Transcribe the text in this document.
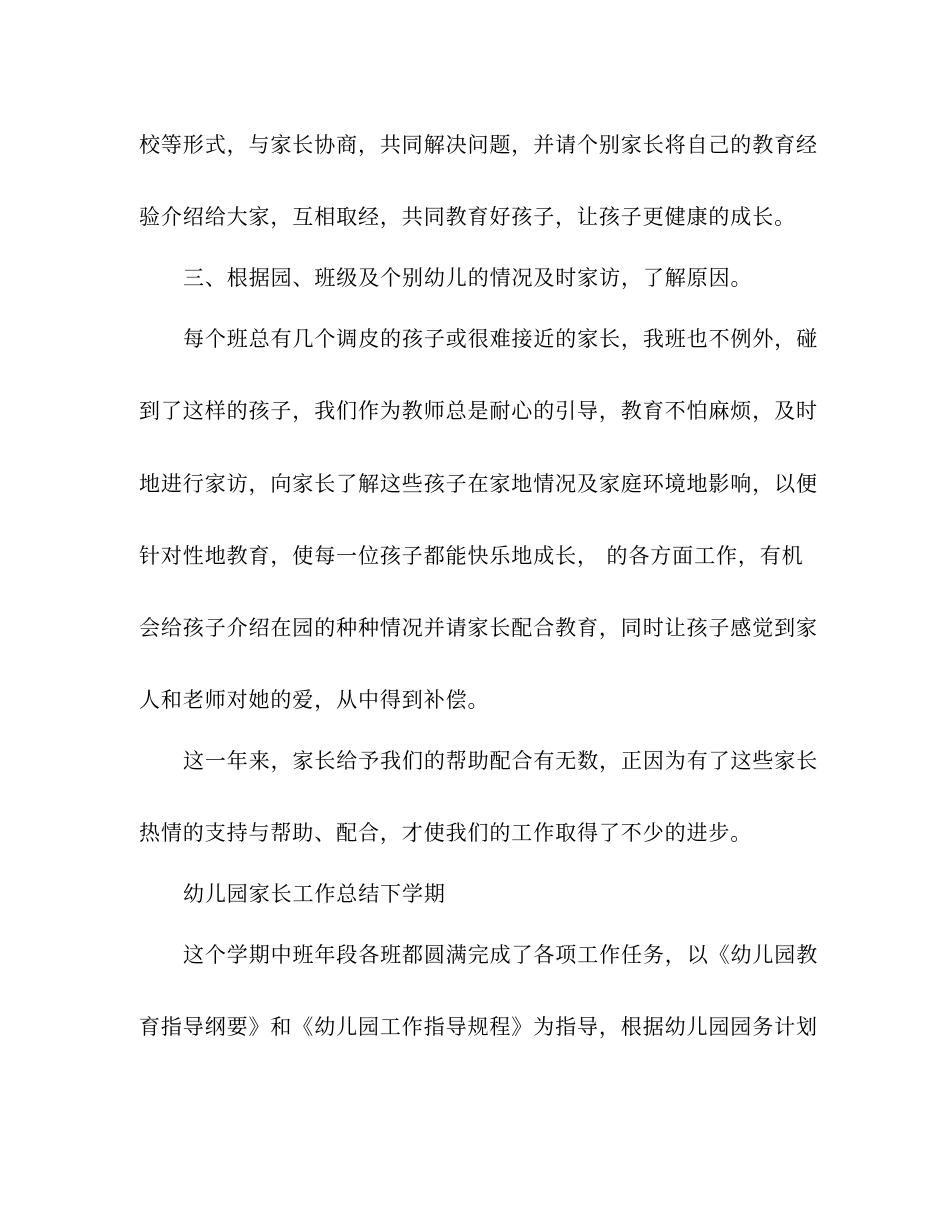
校等形式，与家长协商，共同解决问题，并请个别家长将自己的教育经
验介绍给大家，互相取经，共同教育好孩子，让孩子更健康的成长。
三、根据园、班级及个别幼儿的情况及时家访，了解原因。
每个班总有几个调皮的孩子或很难接近的家长，我班也不例外，碰
到了这样的孩子，我们作为教师总是耐心的引导，教育不怕麻烦，及时
地进行家访，向家长了解这些孩子在家地情况及家庭环境地影响，以便
针对性地教育，使每一位孩子都能快乐地成长， 的各方面工作，有机
会给孩子介绍在园的种种情况并请家长配合教育，同时让孩子感觉到家
人和老师对她的爱，从中得到补偿。
这一年来，家长给予我们的帮助配合有无数，正因为有了这些家长
热情的支持与帮助、配合，才使我们的工作取得了不少的进步。
幼儿园家长工作总结下学期
这个学期中班年段各班都圆满完成了各项工作任务，以《幼儿园教
育指导纲要》和《幼儿园工作指导规程》为指导，根据幼儿园园务计划
